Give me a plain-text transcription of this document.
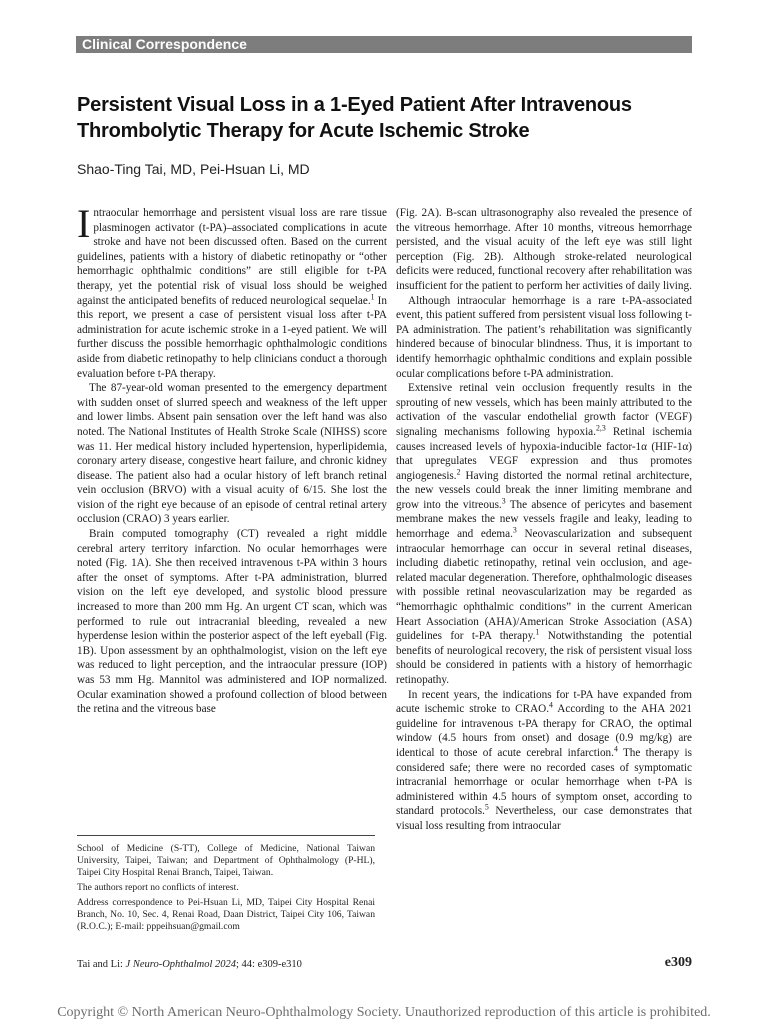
Clinical Correspondence
Persistent Visual Loss in a 1-Eyed Patient After Intravenous Thrombolytic Therapy for Acute Ischemic Stroke

Shao-Ting Tai, MD, Pei-Hsuan Li, MD

Intraocular hemorrhage and persistent visual loss are rare tissue plasminogen activator (t-PA)–associated complications in acute stroke and have not been discussed often. Based on the current guidelines, patients with a history of diabetic retinopathy or “other hemorrhagic ophthalmic conditions” are still eligible for t-PA therapy, yet the potential risk of visual loss should be weighed against the anticipated benefits of reduced neurological sequelae.$^1$ In this report, we present a case of persistent visual loss after t-PA administration for acute ischemic stroke in a 1-eyed patient. We will further discuss the possible hemorrhagic ophthalmologic conditions aside from diabetic retinopathy to help clinicians conduct a thorough evaluation before t-PA therapy.

The 87-year-old woman presented to the emergency department with sudden onset of slurred speech and weakness of the left upper and lower limbs. Absent pain sensation over the left hand was also noted. The National Institutes of Health Stroke Scale (NIHSS) score was 11. Her medical history included hypertension, hyperlipidemia, coronary artery disease, congestive heart failure, and chronic kidney disease. The patient also had a ocular history of left branch retinal vein occlusion (BRVO) with a visual acuity of 6/15. She lost the vision of the right eye because of an episode of central retinal artery occlusion (CRAO) 3 years earlier.

Brain computed tomography (CT) revealed a right middle cerebral artery territory infarction. No ocular hemorrhages were noted (Fig. 1A). She then received intravenous t-PA within 3 hours after the onset of symptoms. After t-PA administration, blurred vision on the left eye developed, and systolic blood pressure increased to more than 200 mm Hg. An urgent CT scan, which was performed to rule out intracranial bleeding, revealed a new hyperdense lesion within the posterior aspect of the left eyeball (Fig. 1B). Upon assessment by an ophthalmologist, vision on the left eye was reduced to light perception, and the intraocular pressure (IOP) was 53 mm Hg. Mannitol was administered and IOP normalized. Ocular examination showed a profound collection of blood between the retina and the vitreous base

(Fig. 2A). B-scan ultrasonography also revealed the presence of the vitreous hemorrhage. After 10 months, vitreous hemorrhage persisted, and the visual acuity of the left eye was still light perception (Fig. 2B). Although stroke-related neurological deficits were reduced, functional recovery after rehabilitation was insufficient for the patient to perform her activities of daily living.

Although intraocular hemorrhage is a rare t-PA-associated event, this patient suffered from persistent visual loss following t-PA administration. The patient’s rehabilitation was significantly hindered because of binocular blindness. Thus, it is important to identify hemorrhagic ophthalmic conditions and explain possible ocular complications before t-PA administration.

Extensive retinal vein occlusion frequently results in the sprouting of new vessels, which has been mainly attributed to the activation of the vascular endothelial growth factor (VEGF) signaling mechanisms following hypoxia.$^{2,3}$ Retinal ischemia causes increased levels of hypoxia-inducible factor-1α (HIF-1α) that upregulates VEGF expression and thus promotes angiogenesis.$^2$ Having distorted the normal retinal architecture, the new vessels could break the inner limiting membrane and grow into the vitreous.$^3$ The absence of pericytes and basement membrane makes the new vessels fragile and leaky, leading to hemorrhage and edema.$^3$ Neovascularization and subsequent intraocular hemorrhage can occur in several retinal diseases, including diabetic retinopathy, retinal vein occlusion, and age-related macular degeneration. Therefore, ophthalmologic diseases with possible retinal neovascularization may be regarded as “hemorrhagic ophthalmic conditions” in the current American Heart Association (AHA)/American Stroke Association (ASA) guidelines for t-PA therapy.$^1$ Notwithstanding the potential benefits of neurological recovery, the risk of persistent visual loss should be considered in patients with a history of hemorrhagic retinopathy.

In recent years, the indications for t-PA have expanded from acute ischemic stroke to CRAO.$^4$ According to the AHA 2021 guideline for intravenous t-PA therapy for CRAO, the optimal window (4.5 hours from onset) and dosage (0.9 mg/kg) are identical to those of acute cerebral infarction.$^4$ The therapy is considered safe; there were no recorded cases of symptomatic intracranial hemorrhage or ocular hemorrhage when t-PA is administered within 4.5 hours of symptom onset, according to standard protocols.$^5$ Nevertheless, our case demonstrates that visual loss resulting from intraocular

School of Medicine (S-TT), College of Medicine, National Taiwan University, Taipei, Taiwan; and Department of Ophthalmology (P-HL), Taipei City Hospital Renai Branch, Taipei, Taiwan.

The authors report no conflicts of interest.

Address correspondence to Pei-Hsuan Li, MD, Taipei City Hospital Renai Branch, No. 10, Sec. 4, Renai Road, Daan District, Taipei City 106, Taiwan (R.O.C.); E-mail: pppeihsuan@gmail.com

Tai and Li: J Neuro-Ophthalmol 2024; 44: e309-e310	e309
Copyright © North American Neuro-Ophthalmology Society. Unauthorized reproduction of this article is prohibited.
